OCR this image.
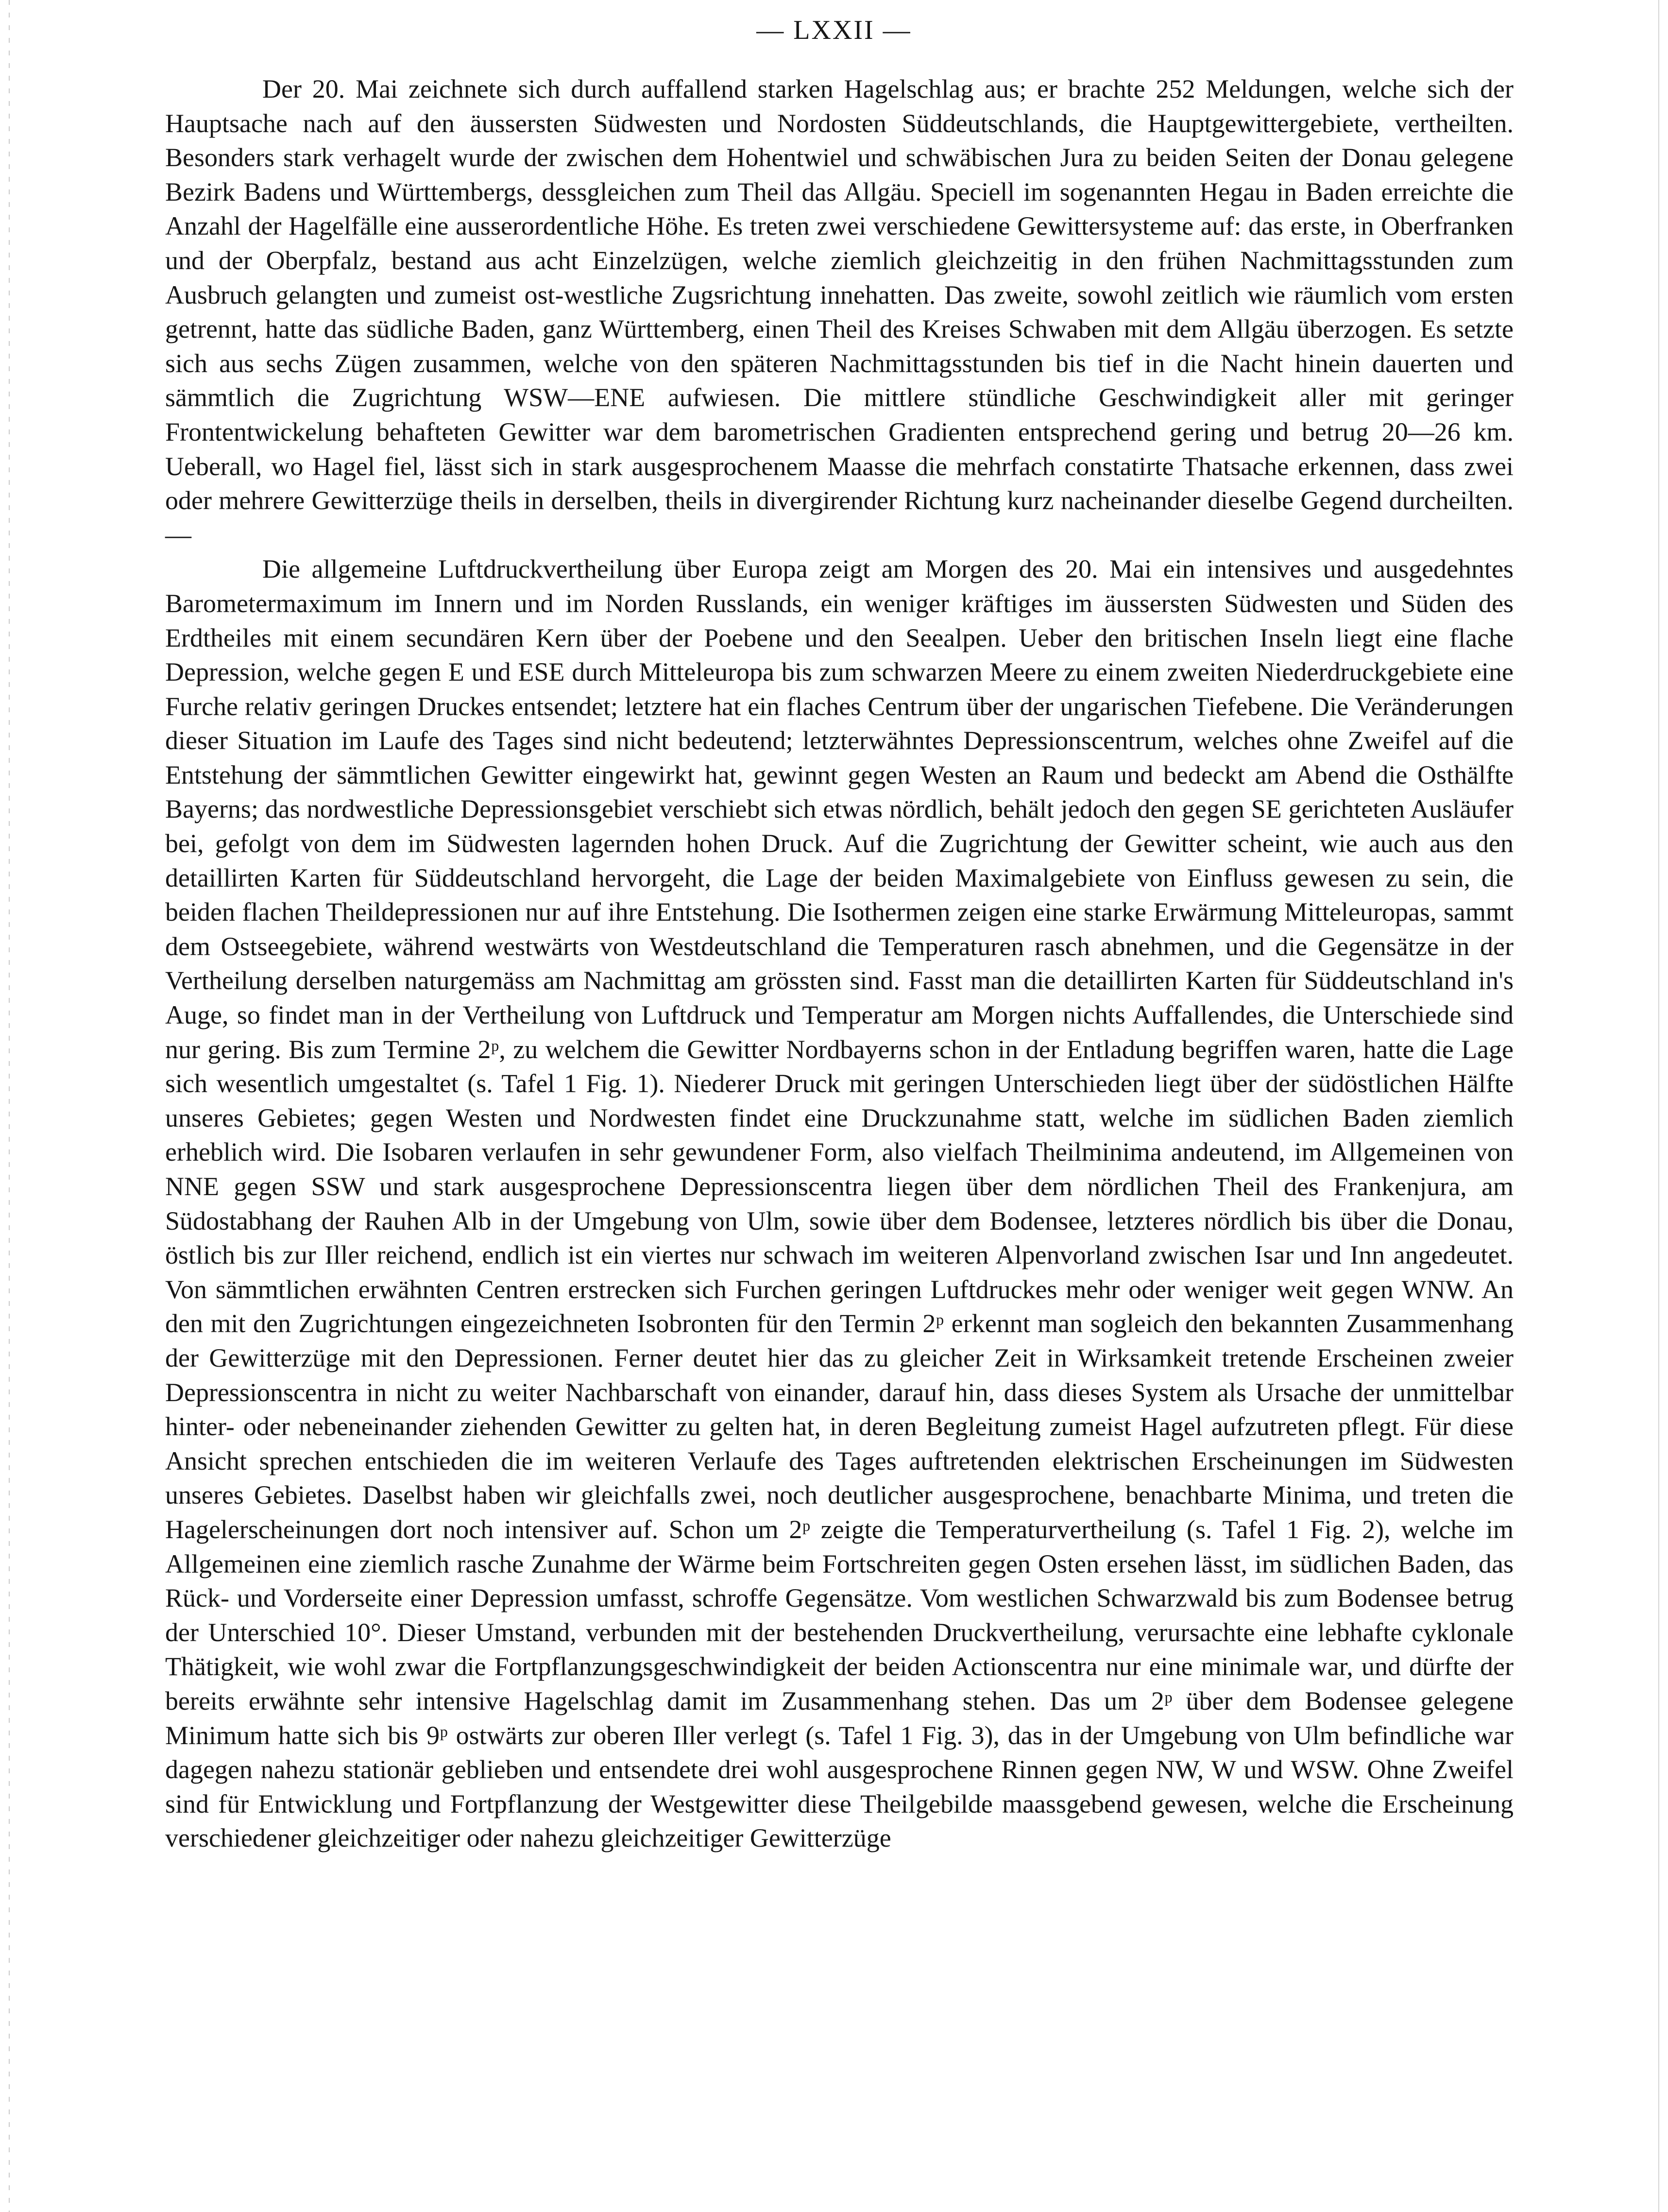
— LXXII —

Der 20. Mai zeichnete sich durch auffallend starken Hagelschlag aus; er brachte 252 Meldungen, welche sich der Hauptsache nach auf den äussersten Südwesten und Nordosten Süddeutschlands, die Hauptgewittergebiete, vertheilten. Besonders stark verhagelt wurde der zwischen dem Hohentwiel und schwäbischen Jura zu beiden Seiten der Donau gelegene Bezirk Badens und Württembergs, dessgleichen zum Theil das Allgäu. Speciell im sogenannten Hegau in Baden erreichte die Anzahl der Hagelfälle eine ausserordentliche Höhe. Es treten zwei verschiedene Gewittersysteme auf: das erste, in Oberfranken und der Oberpfalz, bestand aus acht Einzelzügen, welche ziemlich gleichzeitig in den frühen Nachmittagsstunden zum Ausbruch gelangten und zumeist ost-westliche Zugsrichtung innehatten. Das zweite, sowohl zeitlich wie räumlich vom ersten getrennt, hatte das südliche Baden, ganz Württemberg, einen Theil des Kreises Schwaben mit dem Allgäu überzogen. Es setzte sich aus sechs Zügen zusammen, welche von den späteren Nachmittagsstunden bis tief in die Nacht hinein dauerten und sämmtlich die Zugrichtung WSW—ENE aufwiesen. Die mittlere stündliche Geschwindigkeit aller mit geringer Frontentwickelung behafteten Gewitter war dem barometrischen Gradienten entsprechend gering und betrug 20—26 km. Ueberall, wo Hagel fiel, lässt sich in stark ausgesprochenem Maasse die mehrfach constatirte Thatsache erkennen, dass zwei oder mehrere Gewitterzüge theils in derselben, theils in divergirender Richtung kurz nacheinander dieselbe Gegend durcheilten. —

Die allgemeine Luftdruckvertheilung über Europa zeigt am Morgen des 20. Mai ein intensives und ausgedehntes Barometermaximum im Innern und im Norden Russlands, ein weniger kräftiges im äussersten Südwesten und Süden des Erdtheiles mit einem secundären Kern über der Poebene und den Seealpen. Ueber den britischen Inseln liegt eine flache Depression, welche gegen E und ESE durch Mitteleuropa bis zum schwarzen Meere zu einem zweiten Niederdruckgebiete eine Furche relativ geringen Druckes entsendet; letztere hat ein flaches Centrum über der ungarischen Tiefebene. Die Veränderungen dieser Situation im Laufe des Tages sind nicht bedeutend; letzterwähntes Depressionscentrum, welches ohne Zweifel auf die Entstehung der sämmtlichen Gewitter eingewirkt hat, gewinnt gegen Westen an Raum und bedeckt am Abend die Osthälfte Bayerns; das nordwestliche Depressionsgebiet verschiebt sich etwas nördlich, behält jedoch den gegen SE gerichteten Ausläufer bei, gefolgt von dem im Südwesten lagernden hohen Druck. Auf die Zugrichtung der Gewitter scheint, wie auch aus den detaillirten Karten für Süddeutschland hervorgeht, die Lage der beiden Maximalgebiete von Einfluss gewesen zu sein, die beiden flachen Theildepressionen nur auf ihre Entstehung. Die Isothermen zeigen eine starke Erwärmung Mitteleuropas, sammt dem Ostseegebiete, während westwärts von Westdeutschland die Temperaturen rasch abnehmen, und die Gegensätze in der Vertheilung derselben naturgemäss am Nachmittag am grössten sind. Fasst man die detaillirten Karten für Süddeutschland in's Auge, so findet man in der Vertheilung von Luftdruck und Temperatur am Morgen nichts Auffallendes, die Unterschiede sind nur gering. Bis zum Termine 2ᵖ, zu welchem die Gewitter Nordbayerns schon in der Entladung begriffen waren, hatte die Lage sich wesentlich umgestaltet (s. Tafel 1 Fig. 1). Niederer Druck mit geringen Unterschieden liegt über der südöstlichen Hälfte unseres Gebietes; gegen Westen und Nordwesten findet eine Druckzunahme statt, welche im südlichen Baden ziemlich erheblich wird. Die Isobaren verlaufen in sehr gewundener Form, also vielfach Theilminima andeutend, im Allgemeinen von NNE gegen SSW und stark ausgesprochene Depressionscentra liegen über dem nördlichen Theil des Frankenjura, am Südostabhang der Rauhen Alb in der Umgebung von Ulm, sowie über dem Bodensee, letzteres nördlich bis über die Donau, östlich bis zur Iller reichend, endlich ist ein viertes nur schwach im weiteren Alpenvorland zwischen Isar und Inn angedeutet. Von sämmtlichen erwähnten Centren erstrecken sich Furchen geringen Luftdruckes mehr oder weniger weit gegen WNW. An den mit den Zugrichtungen eingezeichneten Isobronten für den Termin 2ᵖ erkennt man sogleich den bekannten Zusammenhang der Gewitterzüge mit den Depressionen. Ferner deutet hier das zu gleicher Zeit in Wirksamkeit tretende Erscheinen zweier Depressionscentra in nicht zu weiter Nachbarschaft von einander, darauf hin, dass dieses System als Ursache der unmittelbar hinter- oder nebeneinander ziehenden Gewitter zu gelten hat, in deren Begleitung zumeist Hagel aufzutreten pflegt. Für diese Ansicht sprechen entschieden die im weiteren Verlaufe des Tages auftretenden elektrischen Erscheinungen im Südwesten unseres Gebietes. Daselbst haben wir gleichfalls zwei, noch deutlicher ausgesprochene, benachbarte Minima, und treten die Hagelerscheinungen dort noch intensiver auf. Schon um 2ᵖ zeigte die Temperaturvertheilung (s. Tafel 1 Fig. 2), welche im Allgemeinen eine ziemlich rasche Zunahme der Wärme beim Fortschreiten gegen Osten ersehen lässt, im südlichen Baden, das Rück- und Vorderseite einer Depression umfasst, schroffe Gegensätze. Vom westlichen Schwarzwald bis zum Bodensee betrug der Unterschied 10°. Dieser Umstand, verbunden mit der bestehenden Druckvertheilung, verursachte eine lebhafte cyklonale Thätigkeit, wie wohl zwar die Fortpflanzungsgeschwindigkeit der beiden Actionscentra nur eine minimale war, und dürfte der bereits erwähnte sehr intensive Hagelschlag damit im Zusammenhang stehen. Das um 2ᵖ über dem Bodensee gelegene Minimum hatte sich bis 9ᵖ ostwärts zur oberen Iller verlegt (s. Tafel 1 Fig. 3), das in der Umgebung von Ulm befindliche war dagegen nahezu stationär geblieben und entsendete drei wohl ausgesprochene Rinnen gegen NW, W und WSW. Ohne Zweifel sind für Entwicklung und Fortpflanzung der Westgewitter diese Theilgebilde maassgebend gewesen, welche die Erscheinung verschiedener gleichzeitiger oder nahezu gleichzeitiger Gewitterzüge
